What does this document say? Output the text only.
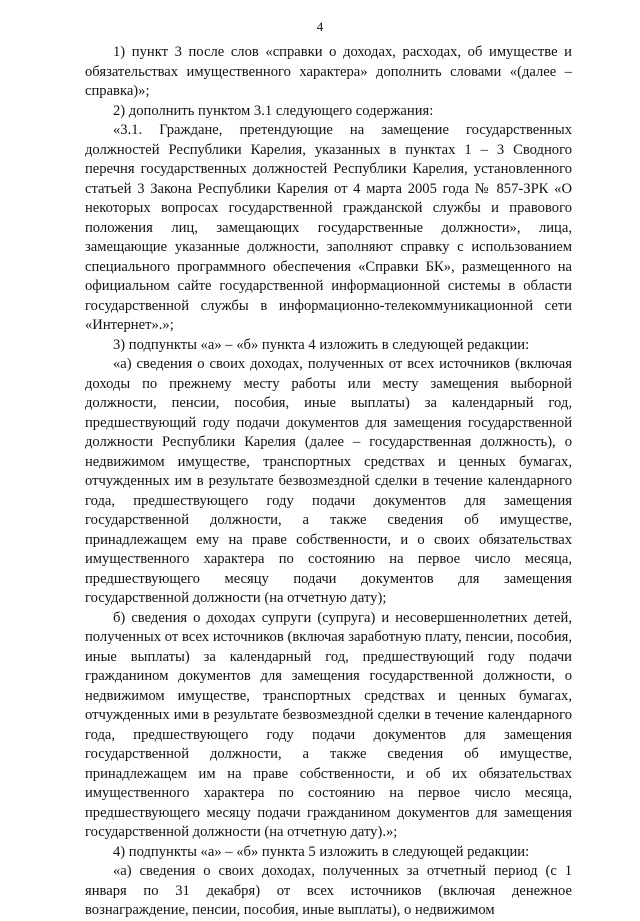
4

1) пункт 3 после слов «справки о доходах, расходах, об имуществе и обязательствах имущественного характера» дополнить словами «(далее – справка)»;

2) дополнить пунктом 3.1 следующего содержания:

«3.1. Граждане, претендующие на замещение государственных должностей Республики Карелия, указанных в пунктах 1 – 3 Сводного перечня государственных должностей Республики Карелия, установленного статьей 3 Закона Республики Карелия от 4 марта 2005 года № 857-ЗРК «О некоторых вопросах государственной гражданской службы и правового положения лиц, замещающих государственные должности», лица, замещающие указанные должности, заполняют справку с использованием специального программного обеспечения «Справки БК», размещенного на официальном сайте государственной информационной системы в области государственной службы в информационно-телекоммуникационной сети «Интернет».»;

3) подпункты «а» – «б» пункта 4 изложить в следующей редакции:

«а) сведения о своих доходах, полученных от всех источников (включая доходы по прежнему месту работы или месту замещения выборной должности, пенсии, пособия, иные выплаты) за календарный год, предшествующий году подачи документов для замещения государственной должности Республики Карелия (далее – государственная должность), о недвижимом имуществе, транспортных средствах и ценных бумагах, отчужденных им в результате безвозмездной сделки в течение календарного года, предшествующего году подачи документов для замещения государственной должности, а также сведения об имуществе, принадлежащем ему на праве собственности, и о своих обязательствах имущественного характера по состоянию на первое число месяца, предшествующего месяцу подачи документов для замещения государственной должности (на отчетную дату);

б) сведения о доходах супруги (супруга) и несовершеннолетних детей, полученных от всех источников (включая заработную плату, пенсии, пособия, иные выплаты) за календарный год, предшествующий году подачи гражданином документов для замещения государственной должности, о недвижимом имуществе, транспортных средствах и ценных бумагах, отчужденных ими в результате безвозмездной сделки в течение календарного года, предшествующего году подачи документов для замещения государственной должности, а также сведения об имуществе, принадлежащем им на праве собственности, и об их обязательствах имущественного характера по состоянию на первое число месяца, предшествующего месяцу подачи гражданином документов для замещения государственной должности (на отчетную дату).»;

4) подпункты «а» – «б» пункта 5 изложить в следующей редакции:

«а) сведения о своих доходах, полученных за отчетный период (с 1 января по 31 декабря) от всех источников (включая денежное вознаграждение, пенсии, пособия, иные выплаты), о недвижимом
